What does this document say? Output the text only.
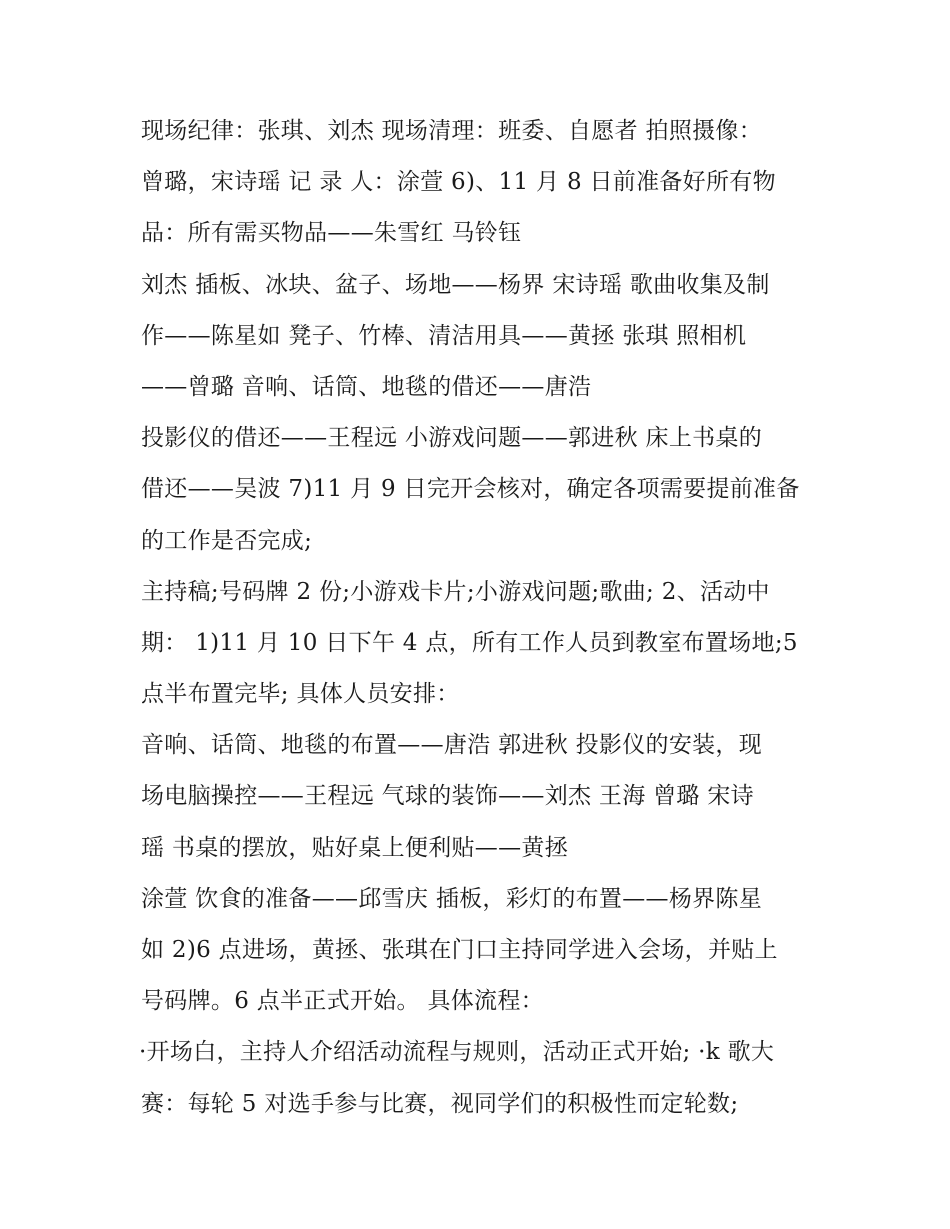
现场纪律：张琪、刘杰 现场清理：班委、自愿者 拍照摄像：
曾璐，宋诗瑶 记 录 人：涂萱 6)、11 月 8 日前准备好所有物
品：所有需买物品——朱雪红 马铃钰
刘杰 插板、冰块、盆子、场地——杨界 宋诗瑶 歌曲收集及制
作——陈星如 凳子、竹棒、清洁用具——黄拯 张琪 照相机
——曾璐 音响、话筒、地毯的借还——唐浩
投影仪的借还——王程远 小游戏问题——郭进秋 床上书桌的
借还——吴波 7)11 月 9 日完开会核对，确定各项需要提前准备
的工作是否完成;
主持稿;号码牌 2 份;小游戏卡片;小游戏问题;歌曲; 2、活动中
期： 1)11 月 10 日下午 4 点，所有工作人员到教室布置场地;5
点半布置完毕; 具体人员安排：
音响、话筒、地毯的布置——唐浩 郭进秋 投影仪的安装，现
场电脑操控——王程远 气球的装饰——刘杰 王海 曾璐 宋诗
瑶 书桌的摆放，贴好桌上便利贴——黄拯
涂萱 饮食的准备——邱雪庆 插板，彩灯的布置——杨界陈星
如 2)6 点进场，黄拯、张琪在门口主持同学进入会场，并贴上
号码牌。6 点半正式开始。 具体流程：
·开场白，主持人介绍活动流程与规则，活动正式开始; ·k 歌大
赛：每轮 5 对选手参与比赛，视同学们的积极性而定轮数;
